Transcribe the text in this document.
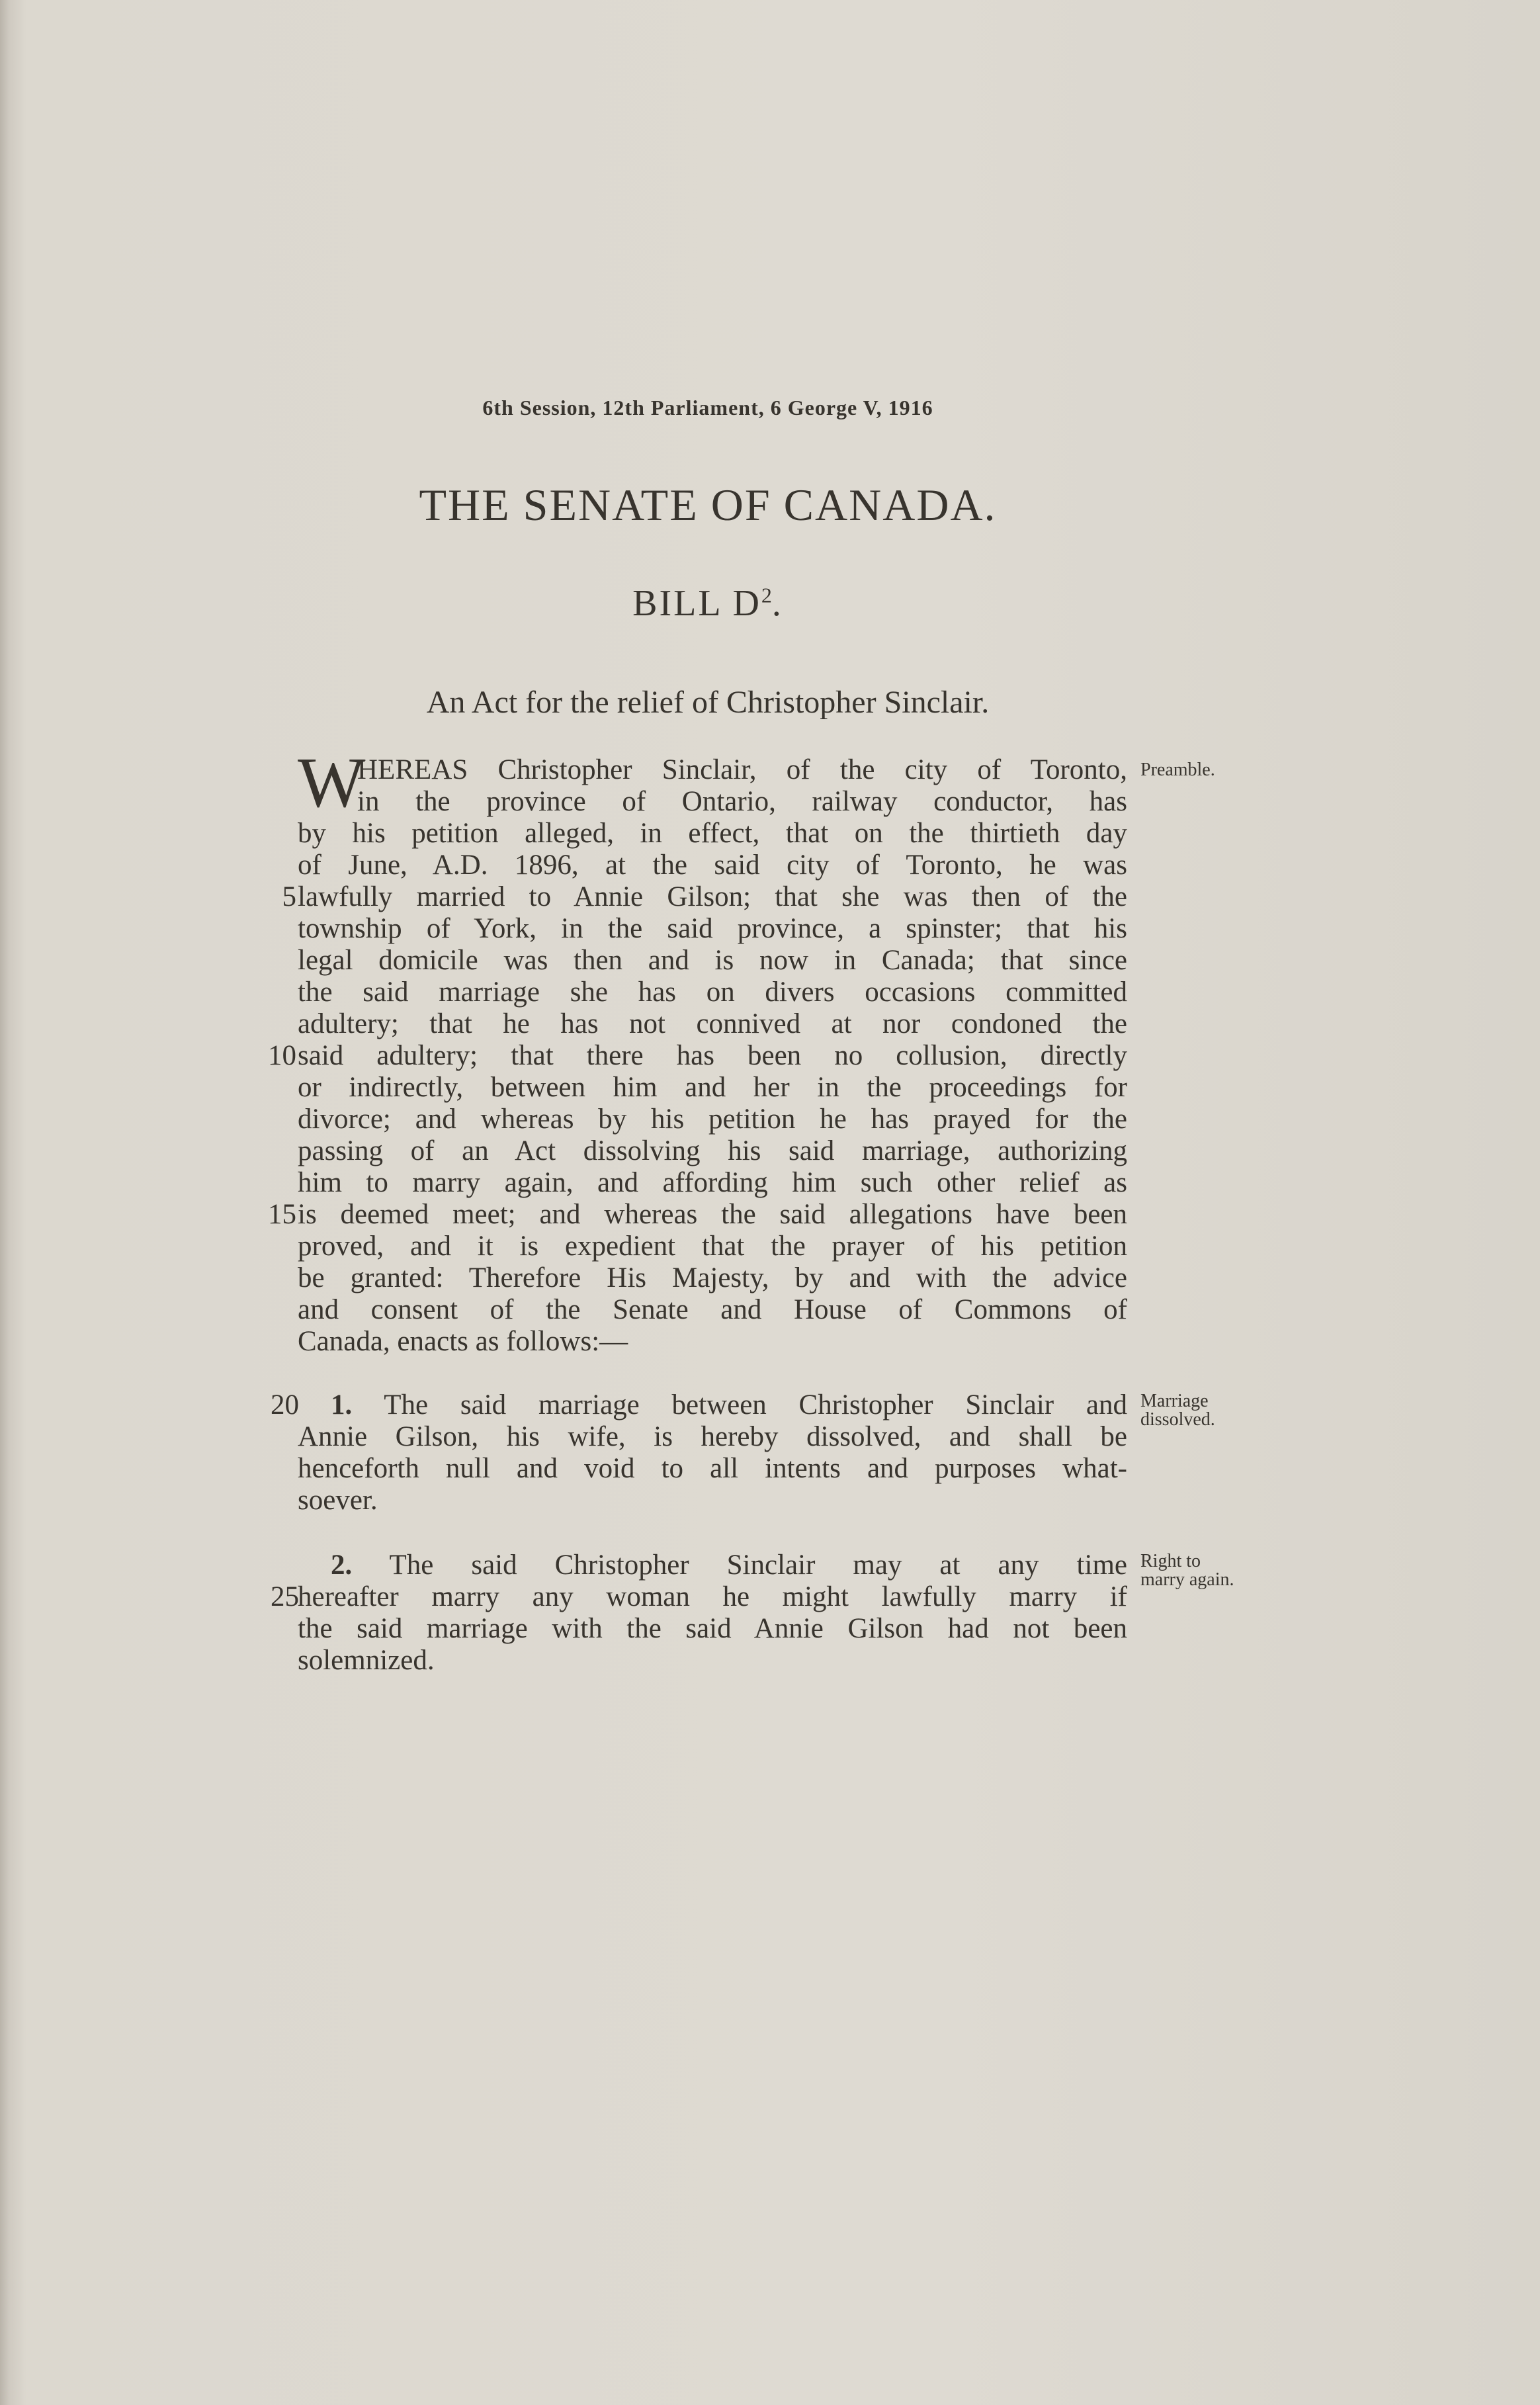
6th Session, 12th Parliament, 6 George V, 1916
THE SENATE OF CANADA.
BILL $D^2$.
An Act for the relief of Christopher Sinclair.
W
HEREAS Christopher Sinclair, of the city of Toronto, Preamble.
in the province of Ontario, railway conductor, has
by his petition alleged, in effect, that on the thirtieth day
of June, A.D. 1896, at the said city of Toronto, he was
5 lawfully married to Annie Gilson; that she was then of the
township of York, in the said province, a spinster; that his
legal domicile was then and is now in Canada; that since
the said marriage she has on divers occasions committed
adultery; that he has not connived at nor condoned the
10 said adultery; that there has been no collusion, directly
or indirectly, between him and her in the proceedings for
divorce; and whereas by his petition he has prayed for the
passing of an Act dissolving his said marriage, authorizing
him to marry again, and affording him such other relief as
15 is deemed meet; and whereas the said allegations have been
proved, and it is expedient that the prayer of his petition
be granted: Therefore His Majesty, by and with the advice
and consent of the Senate and House of Commons of
Canada, enacts as follows:—
20 1. The said marriage between Christopher Sinclair and Marriage
dissolved.
Annie Gilson, his wife, is hereby dissolved, and shall be
henceforth null and void to all intents and purposes what-
soever.
2. The said Christopher Sinclair may at any time Right to
marry again.
25
hereafter marry any woman he might lawfully marry if
the said marriage with the said Annie Gilson had not been
solemnized.
